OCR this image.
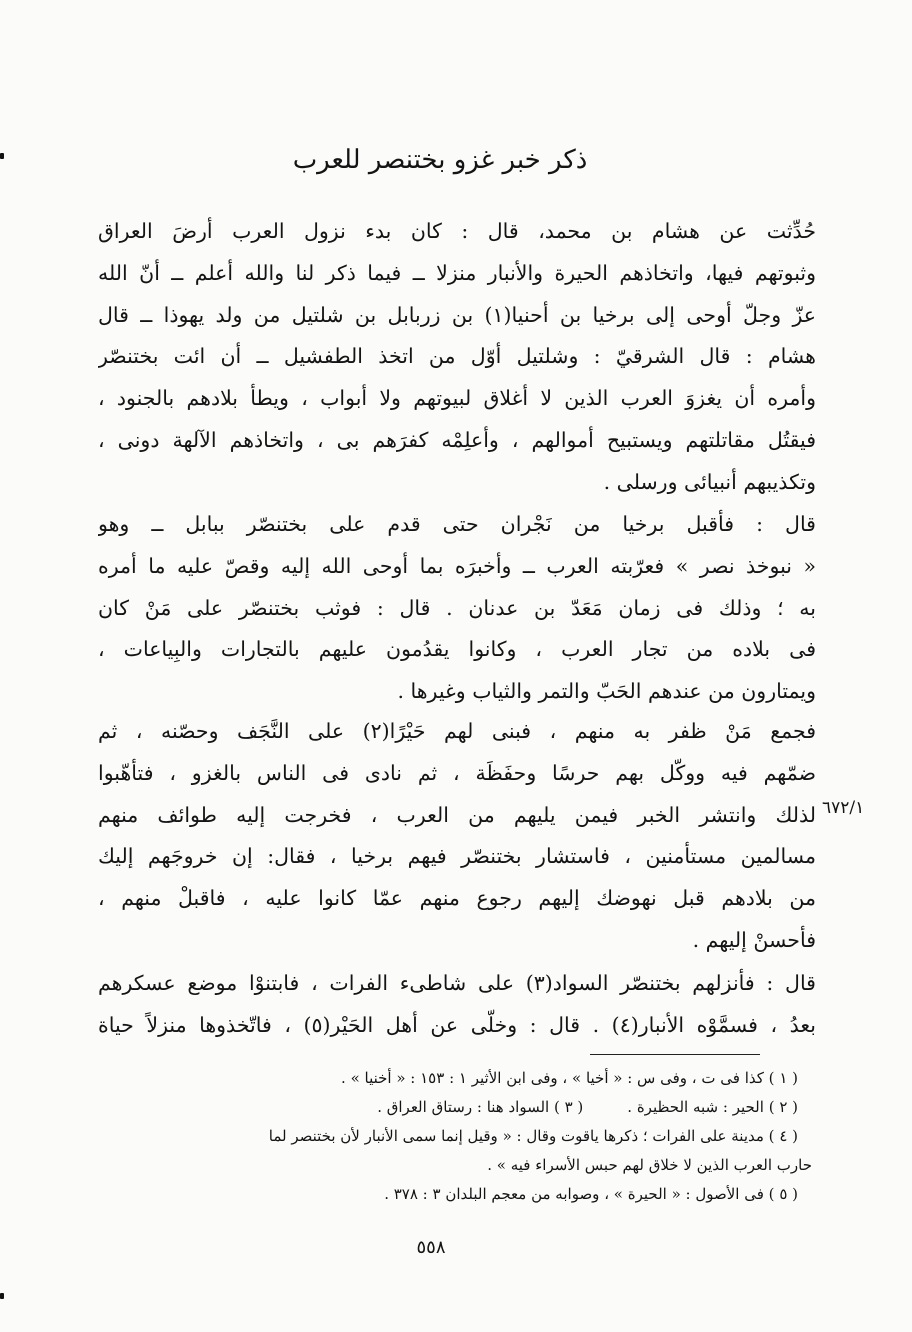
ذكر خبر غزو بختنصر للعرب
حُدِّثت عن هشام بن محمد، قال : كان بدء نزول العرب أرضَ العراق
وثبوتهم فيها، واتخاذهم الحيرة والأنبار منزلا ــ فيما ذكر لنا والله أعلم ــ أنّ الله
عزّ وجلّ أوحى إلى برخيا بن أحنيا(١) بن زربابل بن شلتيل من ولد يهوذا ــ قال
هشام : قال الشرقيّ : وشلتيل أوّل من اتخذ الطفشيل ــ أن ائت بختنصّر
وأمره أن يغزوَ العرب الذين لا أغلاق لبيوتهم ولا أبواب ، ويطأ بلادهم بالجنود ،
فيقتُل مقاتلتهم ويستبيح أموالهم ، وأعلِمْه كفرَهم بى ، واتخاذهم الآلهة دونى ،
وتكذيبهم أنبيائى ورسلى .
قال : فأقبل برخيا من نَجْران حتى قدم على بختنصّر ببابل ــ وهو
« نبوخذ نصر » فعرّبته العرب ــ وأخبرَه بما أوحى الله إليه وقصّ عليه ما أمره
به ؛ وذلك فى زمان مَعَدّ بن عدنان . قال : فوثب بختنصّر على مَنْ كان
فى بلاده من تجار العرب ، وكانوا يقدُمون عليهم بالتجارات والبِياعات ،
ويمتارون من عندهم الحَبّ والتمر والثياب وغيرها .
فجمع مَنْ ظفر به منهم ، فبنى لهم حَيْرًا(٢) على النَّجَف وحصّنه ، ثم
ضمّهم فيه ووكّل بهم حرسًا وحفَظَة ، ثم نادى فى الناس بالغزو ، فتأهّبوا
لذلك وانتشر الخبر فيمن يليهم من العرب ، فخرجت إليه طوائف منهم
مسالمين مستأمنين ، فاستشار بختنصّر فيهم برخيا ، فقال: إن خروجَهم إليك
من بلادهم قبل نهوضك إليهم رجوع منهم عمّا كانوا عليه ، فاقبلْ منهم ،
فأحسنْ إليهم .
٦٧٢/١
قال : فأنزلهم بختنصّر السواد(٣) على شاطىء الفرات ، فابتنوْا موضع عسكرهم
بعدُ ، فسمَّوْه الأنبار(٤) . قال : وخلّى عن أهل الحَيْر(٥) ، فاتّخذوها منزلاً حياة
( ١ ) كذا فى ت ، وفى س : « أخيا » ، وفى ابن الأثير ١ : ١٥٣ : « أخنيا » .
( ٢ ) الحير : شبه الحظيرة .
( ٣ ) السواد هنا : رستاق العراق .
( ٤ ) مدينة على الفرات ؛ ذكرها ياقوت وقال : « وقيل إنما سمى الأنبار لأن بختنصر لما
حارب العرب الذين لا خلاق لهم حبس الأسراء فيه » .
( ٥ ) فى الأصول : « الحيرة » ، وصوابه من معجم البلدان ٣ : ٣٧٨ .
٥٥٨
